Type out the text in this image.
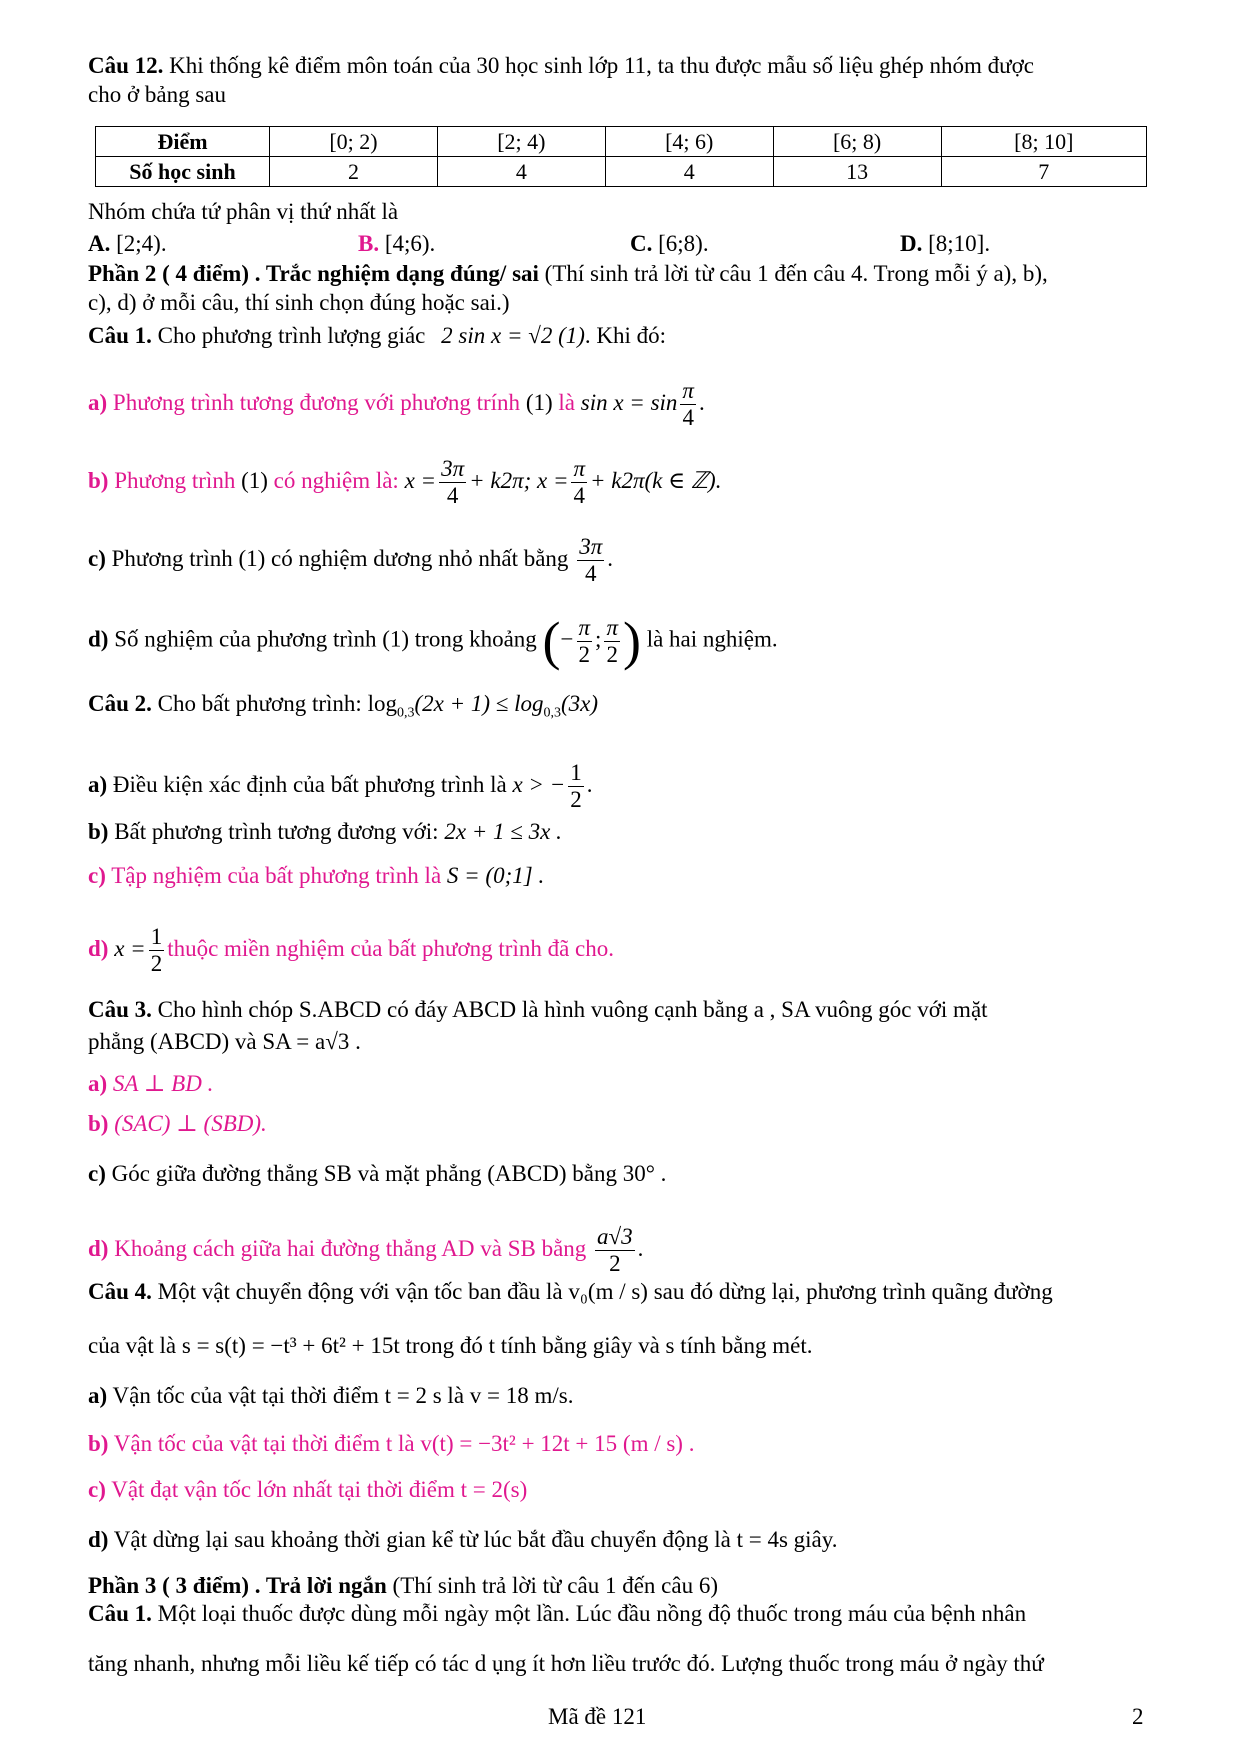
Câu 12. Khi thống kê điểm môn toán của 30 học sinh lớp 11, ta thu được mẫu số liệu ghép nhóm được
cho ở bảng sau
Điểm	[0; 2)	[2; 4)	[4; 6)	[6; 8)	[8; 10]
Số học sinh	2	4	4	13	7
Nhóm chứa tứ phân vị thứ nhất là
A. [2;4).	B. [4;6).	C. [6;8).	D. [8;10].
Phần 2 ( 4 điểm) . Trắc nghiệm dạng đúng/ sai (Thí sinh trả lời từ câu 1 đến câu 4. Trong mỗi ý a), b),
c), d) ở mỗi câu, thí sinh chọn đúng hoặc sai.)
Câu 1. Cho phương trình lượng giác 2 sin x = √2 (1). Khi đó:
a) Phương trình tương đương với phương trính (1) là $\sin x = \sin \frac{\pi}{4}$ .
b) Phương trình (1) có nghiệm là: $x = \frac{3\pi}{4} + k2\pi$; $x = \frac{\pi}{4} + k2\pi(k$ ∈ ℤ).
c) Phương trình (1) có nghiệm dương nhỏ nhất bằng $\frac{3\pi}{4}$ .
d) Số nghiệm của phương trình (1) trong khoảng (− $\frac{\pi}{2}$ ; $\frac{\pi}{2}$ ) là hai nghiệm.
Câu 2. Cho bất phương trình: $\log_{0,3}(2x + 1) \le \log_{0,3}(3x)$
a) Điều kiện xác định của bất phương trình là x > − $\frac{1}{2}$ .
b) Bất phương trình tương đương với: 2x + 1 ≤ 3x .
c) Tập nghiệm của bất phương trình là S = (0;1] .
d) $x = \frac{1}{2}$ thuộc miền nghiệm của bất phương trình đã cho.
Câu 3. Cho hình chóp S.ABCD có đáy ABCD là hình vuông cạnh bằng a , SA vuông góc với mặt
phẳng (ABCD) và SA = a√3 .
a) SA ⊥ BD .
b) (SAC) ⊥ (SBD).
c) Góc giữa đường thẳng SB và mặt phẳng (ABCD) bằng 30° .
d) Khoảng cách giữa hai đường thẳng AD và SB bằng $\frac{a√3}{2}$ .
Câu 4. Một vật chuyển động với vận tốc ban đầu là v₀(m / s) sau đó dừng lại, phương trình quãng đường
của vật là s = s(t) = −t³ + 6t² + 15t trong đó t tính bằng giây và s tính bằng mét.
a) Vận tốc của vật tại thời điểm t = 2 s là v = 18 m/s.
b) Vận tốc của vật tại thời điểm t là v(t) = −3t² + 12t + 15 (m / s) .
c) Vật đạt vận tốc lớn nhất tại thời điểm t = 2(s)
d) Vật dừng lại sau khoảng thời gian kể từ lúc bắt đầu chuyển động là t = 4s giây.
Phần 3 ( 3 điểm) . Trả lời ngắn (Thí sinh trả lời từ câu 1 đến câu 6)
Câu 1. Một loại thuốc được dùng mỗi ngày một lần. Lúc đầu nồng độ thuốc trong máu của bệnh nhân
tăng nhanh, nhưng mỗi liều kế tiếp có tác d ụng ít hơn liều trước đó. Lượng thuốc trong máu ở ngày thứ
Mã đề 121	2
